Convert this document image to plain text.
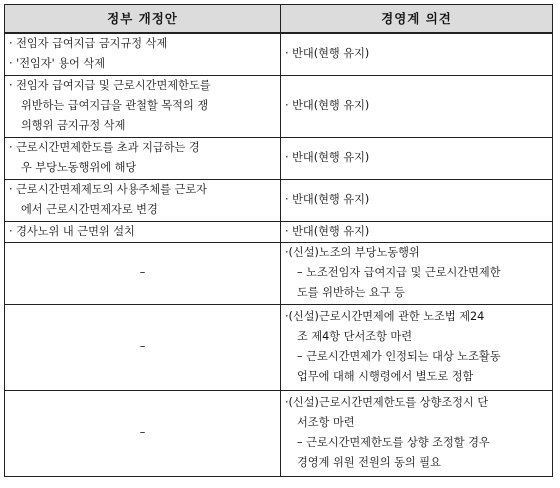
정부 개정안	경영계 의견

· 전임자 급여지급 금지규정 삭제
· '전임자' 용어 삭제	· 반대(현행 유지)

· 전임자 급여지급 및 근로시간면제한도를
위반하는 급여지급을 관철할 목적의 쟁
의행위 금지규정 삭제	· 반대(현행 유지)

· 근로시간면제한도를 초과 지급하는 경
우 부당노동행위에 해당	· 반대(현행 유지)

· 근로시간면제제도의 사용주체를 근로자
에서 근로시간면제자로 변경	· 반대(현행 유지)

· 경사노위 내 근면위 설치	· 반대(현행 유지)

–	·(신설)노조의 부당노동행위
– 노조전임자 급여지급 및 근로시간면제한
도를 위반하는 요구 등

–	·(신설)근로시간면제에 관한 노조법 제24
조 제4항 단서조항 마련
– 근로시간면제가 인정되는 대상 노조활동
업무에 대해 시행령에서 별도로 정함

–	·(신설)근로시간면제한도를 상향조정시 단
서조항 마련
– 근로시간면제한도를 상향 조정할 경우
경영계 위원 전원의 동의 필요
